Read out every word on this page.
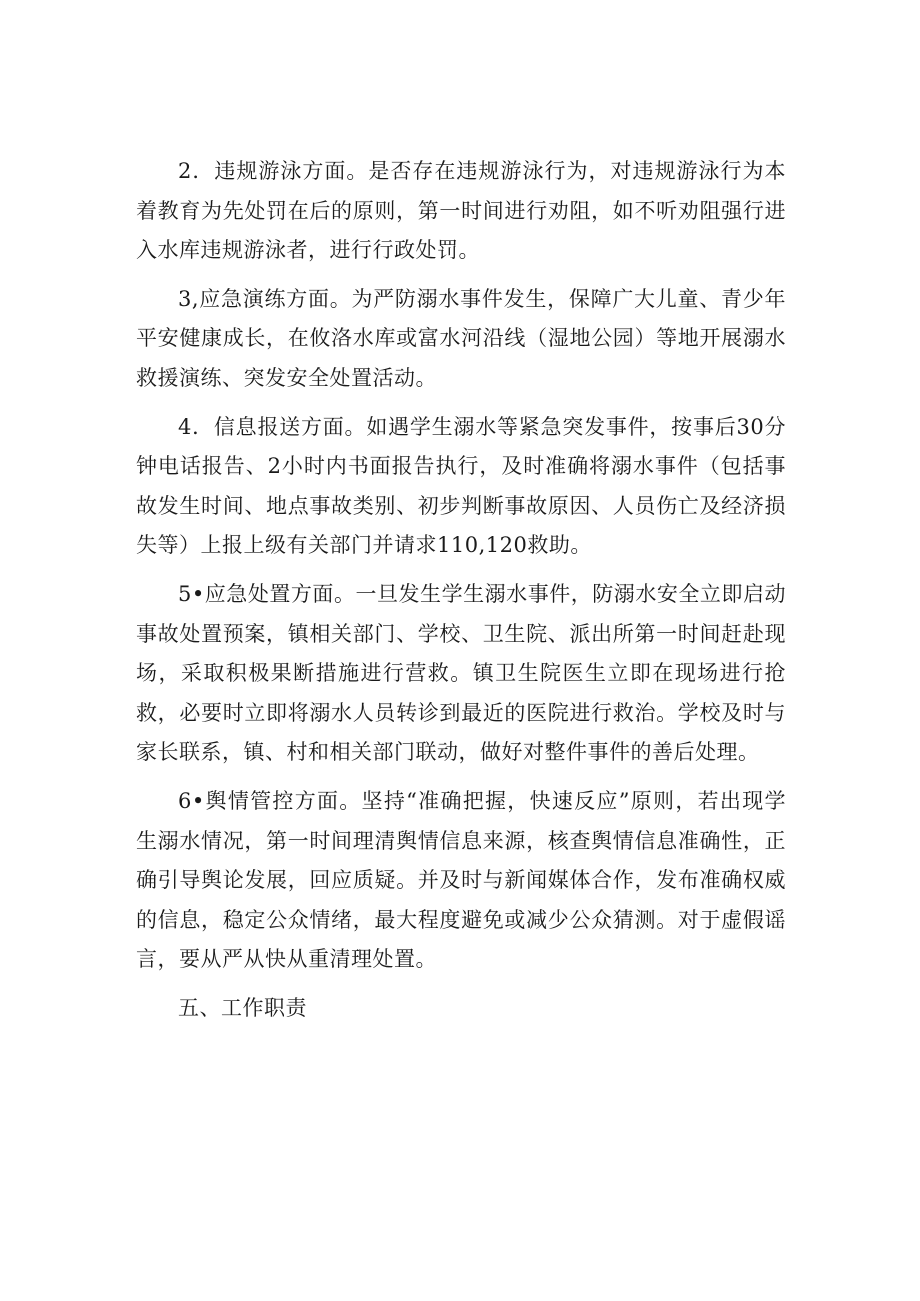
2．违规游泳方面。是否存在违规游泳行为，对违规游泳行为本着教育为先处罚在后的原则，第一时间进行劝阻，如不听劝阻强行进入水库违规游泳者，进行行政处罚。

3,应急演练方面。为严防溺水事件发生，保障广大儿童、青少年平安健康成长，在攸洛水库或富水河沿线（湿地公园）等地开展溺水救援演练、突发安全处置活动。

4．信息报送方面。如遇学生溺水等紧急突发事件，按事后30分钟电话报告、2小时内书面报告执行，及时准确将溺水事件（包括事故发生时间、地点事故类别、初步判断事故原因、人员伤亡及经济损失等）上报上级有关部门并请求110,120救助。

5•应急处置方面。一旦发生学生溺水事件，防溺水安全立即启动事故处置预案，镇相关部门、学校、卫生院、派出所第一时间赶赴现场，采取积极果断措施进行营救。镇卫生院医生立即在现场进行抢救，必要时立即将溺水人员转诊到最近的医院进行救治。学校及时与家长联系，镇、村和相关部门联动，做好对整件事件的善后处理。

6•舆情管控方面。坚持“准确把握，快速反应”原则，若出现学生溺水情况，第一时间理清舆情信息来源，核查舆情信息准确性，正确引导舆论发展，回应质疑。并及时与新闻媒体合作，发布准确权威的信息，稳定公众情绪，最大程度避免或减少公众猜测。对于虚假谣言，要从严从快从重清理处置。

五、工作职责
